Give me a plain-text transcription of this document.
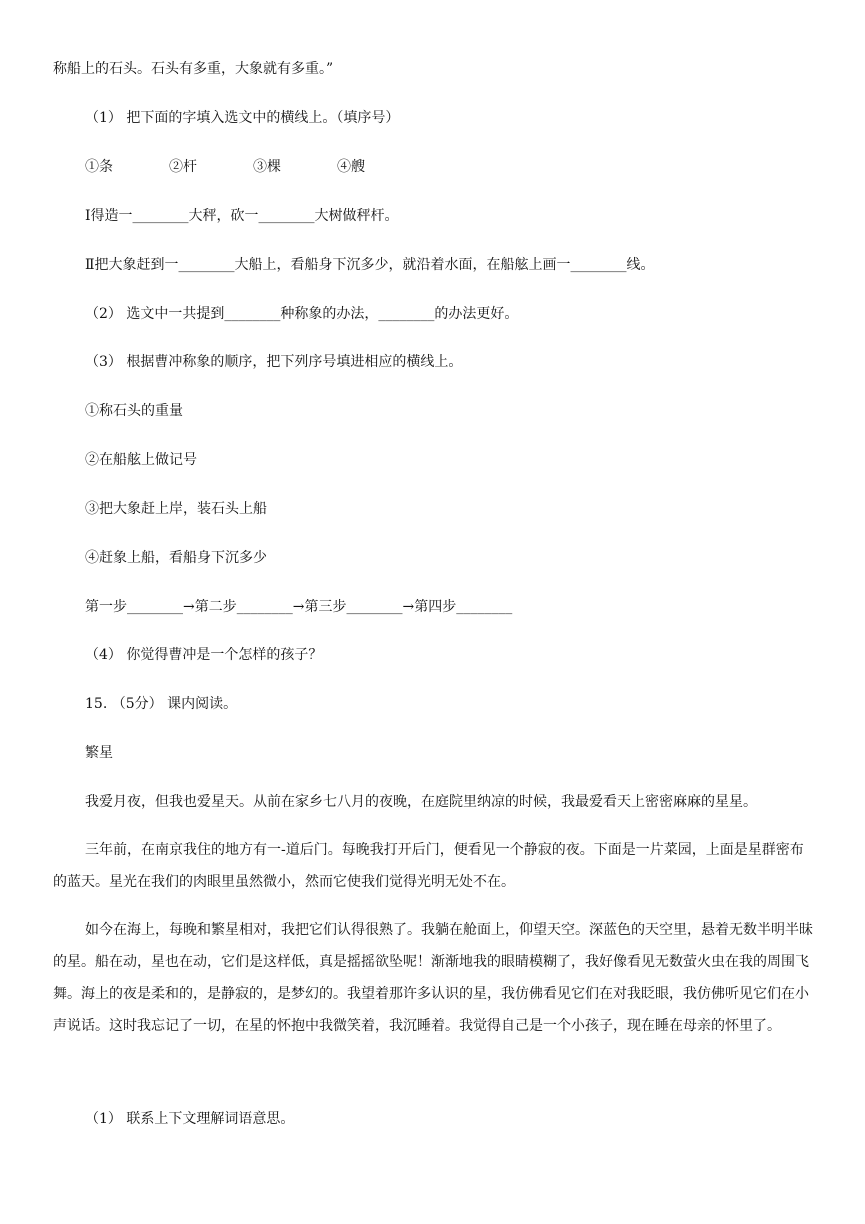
称船上的石头。石头有多重，大象就有多重。”
（1） 把下面的字填入选文中的横线上。（填序号）
①条	②杆	③棵	④艘
Ⅰ得造一________大秤，砍一________大树做秤杆。
Ⅱ把大象赶到一________大船上，看船身下沉多少，就沿着水面，在船舷上画一________线。
（2） 选文中一共提到________种称象的办法，________的办法更好。
（3） 根据曹冲称象的顺序，把下列序号填进相应的横线上。
①称石头的重量
②在船舷上做记号
③把大象赶上岸，装石头上船
④赶象上船，看船身下沉多少
第一步________→第二步________→第三步________→第四步________
（4） 你觉得曹冲是一个怎样的孩子？
15. （5分） 课内阅读。
繁星
我爱月夜，但我也爱星天。从前在家乡七八月的夜晚，在庭院里纳凉的时候，我最爱看天上密密麻麻的星星。
三年前，在南京我住的地方有一-道后门。每晚我打开后门，便看见一个静寂的夜。下面是一片菜园，上面是星群密布的蓝天。星光在我们的肉眼里虽然微小，然而它使我们觉得光明无处不在。
如今在海上，每晚和繁星相对，我把它们认得很熟了。我躺在舱面上，仰望天空。深蓝色的天空里，悬着无数半明半昧的星。船在动，星也在动，它们是这样低，真是摇摇欲坠呢！渐渐地我的眼睛模糊了，我好像看见无数萤火虫在我的周围飞舞。海上的夜是柔和的，是静寂的，是梦幻的。我望着那许多认识的星，我仿佛看见它们在对我眨眼，我仿佛听见它们在小声说话。这时我忘记了一切，在星的怀抱中我微笑着，我沉睡着。我觉得自己是一个小孩子，现在睡在母亲的怀里了。
（1） 联系上下文理解词语意思。
